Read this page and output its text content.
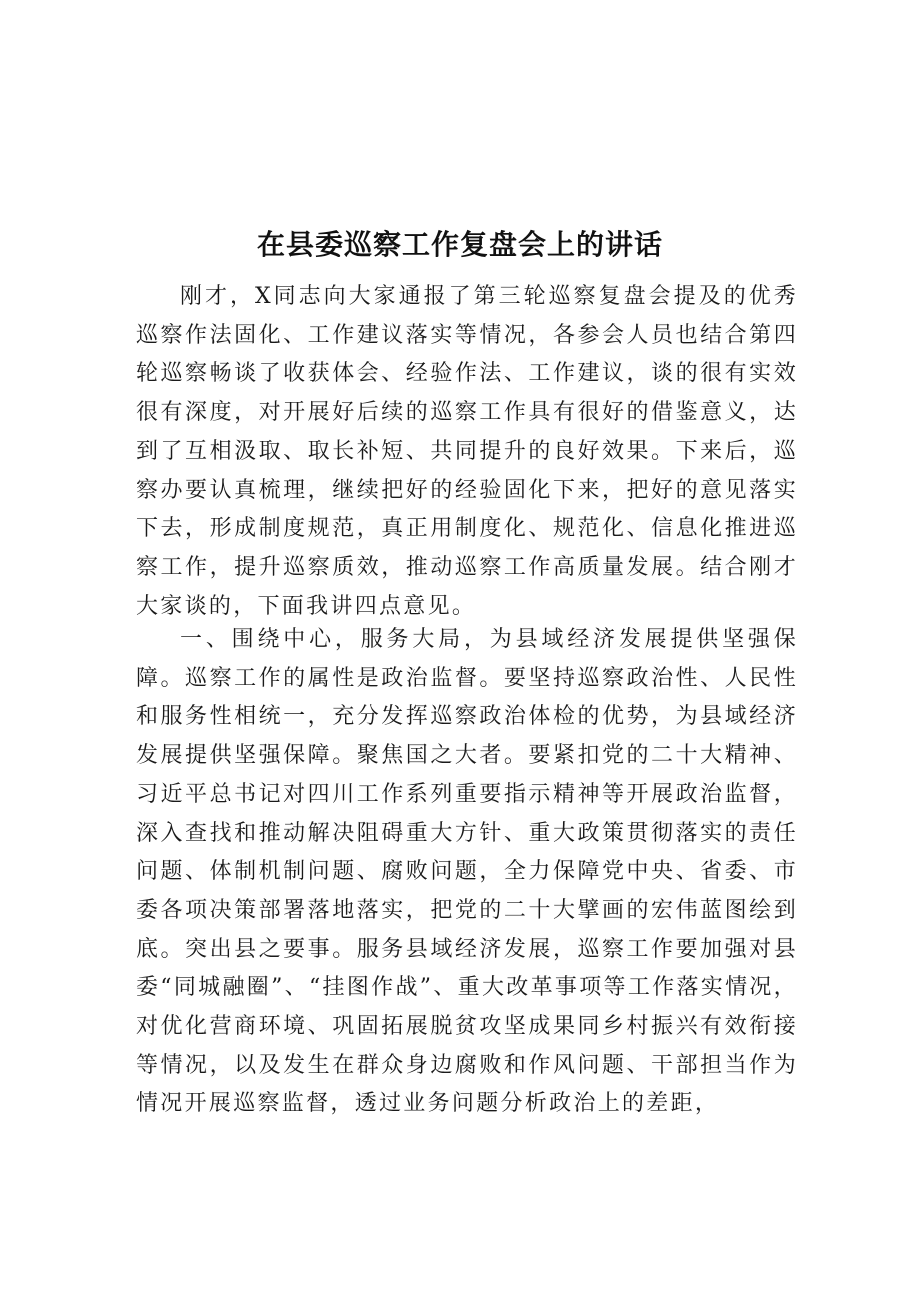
在县委巡察工作复盘会上的讲话

刚才，X同志向大家通报了第三轮巡察复盘会提及的优秀巡察作法固化、工作建议落实等情况，各参会人员也结合第四轮巡察畅谈了收获体会、经验作法、工作建议，谈的很有实效很有深度，对开展好后续的巡察工作具有很好的借鉴意义，达到了互相汲取、取长补短、共同提升的良好效果。下来后，巡察办要认真梳理，继续把好的经验固化下来，把好的意见落实下去，形成制度规范，真正用制度化、规范化、信息化推进巡察工作，提升巡察质效，推动巡察工作高质量发展。结合刚才大家谈的，下面我讲四点意见。

一、围绕中心，服务大局，为县域经济发展提供坚强保障。巡察工作的属性是政治监督。要坚持巡察政治性、人民性和服务性相统一，充分发挥巡察政治体检的优势，为县域经济发展提供坚强保障。聚焦国之大者。要紧扣党的二十大精神、习近平总书记对四川工作系列重要指示精神等开展政治监督，深入查找和推动解决阻碍重大方针、重大政策贯彻落实的责任问题、体制机制问题、腐败问题，全力保障党中央、省委、市委各项决策部署落地落实，把党的二十大擘画的宏伟蓝图绘到底。突出县之要事。服务县域经济发展，巡察工作要加强对县委“同城融圈”、“挂图作战”、重大改革事项等工作落实情况，对优化营商环境、巩固拓展脱贫攻坚成果同乡村振兴有效衔接等情况，以及发生在群众身边腐败和作风问题、干部担当作为情况开展巡察监督，透过业务问题分析政治上的差距，
